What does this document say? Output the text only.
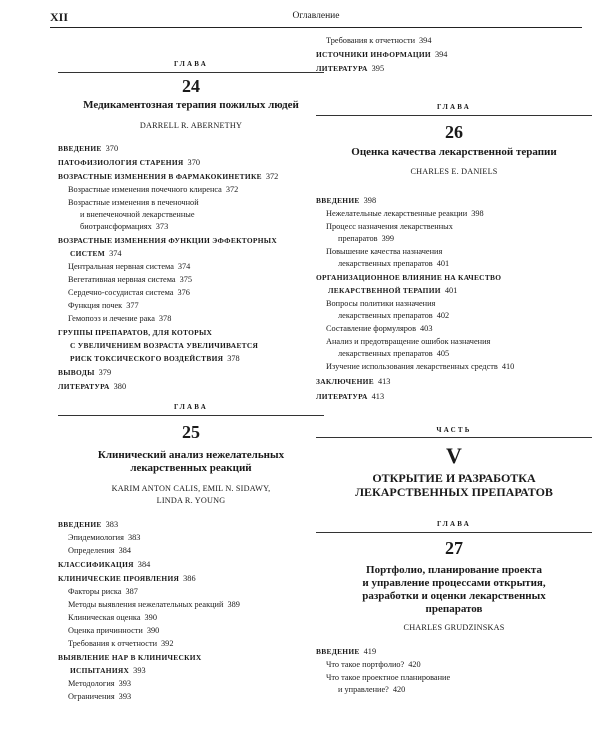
XII	Оглавление
ГЛАВА
24
Медикаментозная терапия пожилых людей
DARRELL R. ABERNETHY
ВВЕДЕНИЕ 370
ПАТОФИЗИОЛОГИЯ СТАРЕНИЯ 370
ВОЗРАСТНЫЕ ИЗМЕНЕНИЯ В ФАРМАКОКИНЕТИКЕ 372
Возрастные изменения почечного клиренса 372
Возрастные изменения в печеночной
и внепеченочной лекарственные
биотрансформациях 373
ВОЗРАСТНЫЕ ИЗМЕНЕНИЯ ФУНКЦИИ ЭФФЕКТОРНЫХ
СИСТЕМ 374
Центральная нервная система 374
Вегетативная нервная система 375
Сердечно-сосудистая система 376
Функция почек 377
Гемопоэз и лечение рака 378
ГРУППЫ ПРЕПАРАТОВ, ДЛЯ КОТОРЫХ
С УВЕЛИЧЕНИЕМ ВОЗРАСТА УВЕЛИЧИВАЕТСЯ
РИСК ТОКСИЧЕСКОГО ВОЗДЕЙСТВИЯ 378
ВЫВОДЫ 379
ЛИТЕРАТУРА 380
ГЛАВА
25
Клинический анализ нежелательных
лекарственных реакций
KARIM ANTON CALIS, EMIL N. SIDAWY,
LINDA R. YOUNG
ВВЕДЕНИЕ 383
Эпидемиология 383
Определения 384
КЛАССИФИКАЦИЯ 384
КЛИНИЧЕСКИЕ ПРОЯВЛЕНИЯ 386
Факторы риска 387
Методы выявления нежелательных реакций 389
Клиническая оценка 390
Оценка причинности 390
Требования к отчетности 392
ВЫЯВЛЕНИЕ НАР В КЛИНИЧЕСКИХ
ИСПЫТАНИЯХ 393
Методология 393
Ограничения 393
Требования к отчетности 394
ИСТОЧНИКИ ИНФОРМАЦИИ 394
ЛИТЕРАТУРА 395
ГЛАВА
26
Оценка качества лекарственной терапии
CHARLES E. DANIELS
ВВЕДЕНИЕ 398
Нежелательные лекарственные реакции 398
Процесс назначения лекарственных
препаратов 399
Повышение качества назначения
лекарственных препаратов 401
ОРГАНИЗАЦИОННОЕ ВЛИЯНИЕ НА КАЧЕСТВО
ЛЕКАРСТВЕННОЙ ТЕРАПИИ 401
Вопросы политики назначения
лекарственных препаратов 402
Составление формуляров 403
Анализ и предотвращение ошибок назначения
лекарственных препаратов 405
Изучение использования лекарственных средств 410
ЗАКЛЮЧЕНИЕ 413
ЛИТЕРАТУРА 413
ЧАСТЬ
V
ОТКРЫТИЕ И РАЗРАБОТКА
ЛЕКАРСТВЕННЫХ ПРЕПАРАТОВ
ГЛАВА
27
Портфолио, планирование проекта
и управление процессами открытия,
разработки и оценки лекарственных
препаратов
CHARLES GRUDZINSKAS
ВВЕДЕНИЕ 419
Что такое портфолио? 420
Что такое проектное планирование
и управление? 420
